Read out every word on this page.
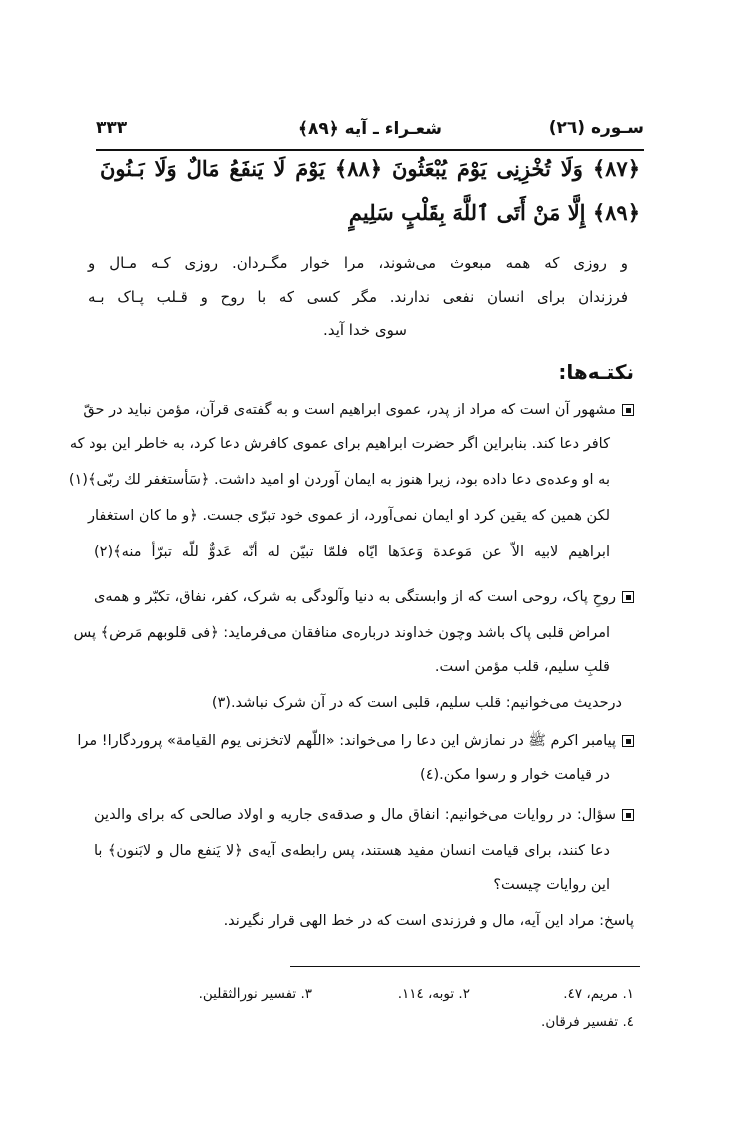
سـوره (٢٦)
شعـراء ـ آيه ﴿٨٩﴾
٣٣٣
﴿٨٧﴾ وَلَا تُخْزِنِى يَوْمَ يُبْعَثُونَ ﴿٨٨﴾ يَوْمَ لَا يَنفَعُ مَالٌ وَلَا بَـنُونَ
﴿٨٩﴾ إِلَّا مَنْ أَتَى ٱللَّهَ بِقَلْبٍ سَلِيمٍ
و روزى كه همه مبعوث مى‌شوند، مرا خوار مگـردان. روزى كـه مـال و
فرزندان براى انسان نفعى ندارند. مگر كسى كه با روح و قـلب پـاک بـه
سوى خدا آيد.
نكتـه‌ها:
مشهور آن است كه مراد از پدر، عموى ابراهيم است و به گفته‌ى قرآن، مؤمن نبايد در حقّ
كافر دعا كند. بنابراين اگر حضرت ابراهيم براى عموى كافرش دعا كرد، به خاطر اين بود كه
به او وعده‌ى دعا داده بود، زيرا هنوز به ايمان آوردن او اميد داشت. ﴿سَأستغفر لك ربّى﴾(١)
لكن همين كه يقين كرد او ايمان نمى‌آورد، از عموى خود تبرّى جست. ﴿و ما كان استغفار
ابراهيم لابيه الاّ عن مَوعدة وَعدَها ايّاه فلمّا تبيّن له أنّه عَدوٌّ للّه تبرّأ منه﴾(٢)
روحِ پاک، روحى است كه از وابستگى به دنيا وآلودگى به شرک، كفر، نفاق، تكبّر و همه‌ى
امراض قلبى پاک باشد وچون خداوند درباره‌ى منافقان مى‌فرمايد: ﴿فى قلوبهم مَرض﴾ پس
قلبِ سليم، قلب مؤمن است.
درحديث مى‌خوانيم: قلب سليم، قلبى است كه در آن شرک نباشد.(٣)
پيامبر اكرم ﷺ در نمازش اين دعا را مى‌خواند: «اللّهم لاتخزنى يوم القيامة» پروردگارا! مرا
در قيامت خوار و رسوا مكن.(٤)
سؤال: در روايات مى‌خوانيم: انفاق مال و صدقه‌ى جاريه و اولاد صالحى كه براى والدين
دعا كنند، براى قيامت انسان مفيد هستند، پس رابطه‌ى آيه‌ى ﴿لا يَنفع مال و لابَنون﴾ با
اين روايات چيست؟
پاسخ: مراد اين آيه، مال و فرزندى است كه در خط الهى قرار نگيرند.
١. مريم، ٤٧.
٢. توبه، ١١٤.
٣. تفسير نورالثقلين.
٤. تفسير فرقان.
